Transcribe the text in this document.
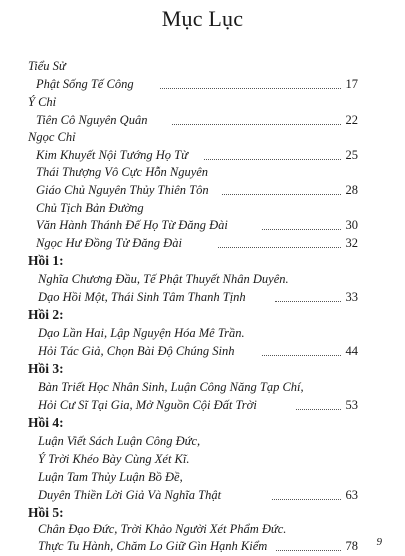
Mục Lục
Tiểu Sử
Phật Sống Tế Công	17
Ý Chỉ
Tiên Cô Nguyên Quân	22
Ngọc Chỉ
Kim Khuyết Nội Tướng Họ Từ	25
Thái Thượng Vô Cực Hỗn Nguyên
Giáo Chủ Nguyên Thủy Thiên Tôn	28
Chủ Tịch Bản Đường
Văn Hành Thánh Đế Họ Từ Đăng Đài	30
Ngọc Hư Đồng Tử Đăng Đài	32
Hồi 1:
Nghĩa Chương Đầu, Tế Phật Thuyết Nhân Duyên.
Dạo Hồi Một, Thái Sinh Tâm Thanh Tịnh	33
Hồi 2:
Dạo Lần Hai, Lập Nguyện Hóa Mê Trần.
Hỏi Tác Giả, Chọn Bài Độ Chúng Sinh	44
Hồi 3:
Bàn Triết Học Nhân Sinh, Luận Công Năng Tạp Chí,
Hỏi Cư Sĩ Tại Gia, Mở Nguồn Cội Đất Trời	53
Hồi 4:
Luận Viết Sách Luận Công Đức,
Ý Trời Khéo Bày Cùng Xét Kĩ.
Luận Tam Thủy Luận Bồ Đề,
Duyên Thiền Lời Giả Và Nghĩa Thật	63
Hồi 5:
Chân Đạo Đức, Trời Khảo Người Xét Phẩm Đức.
Thực Tu Hành, Chăm Lo Giữ Gìn Hạnh Kiểm	78 9
